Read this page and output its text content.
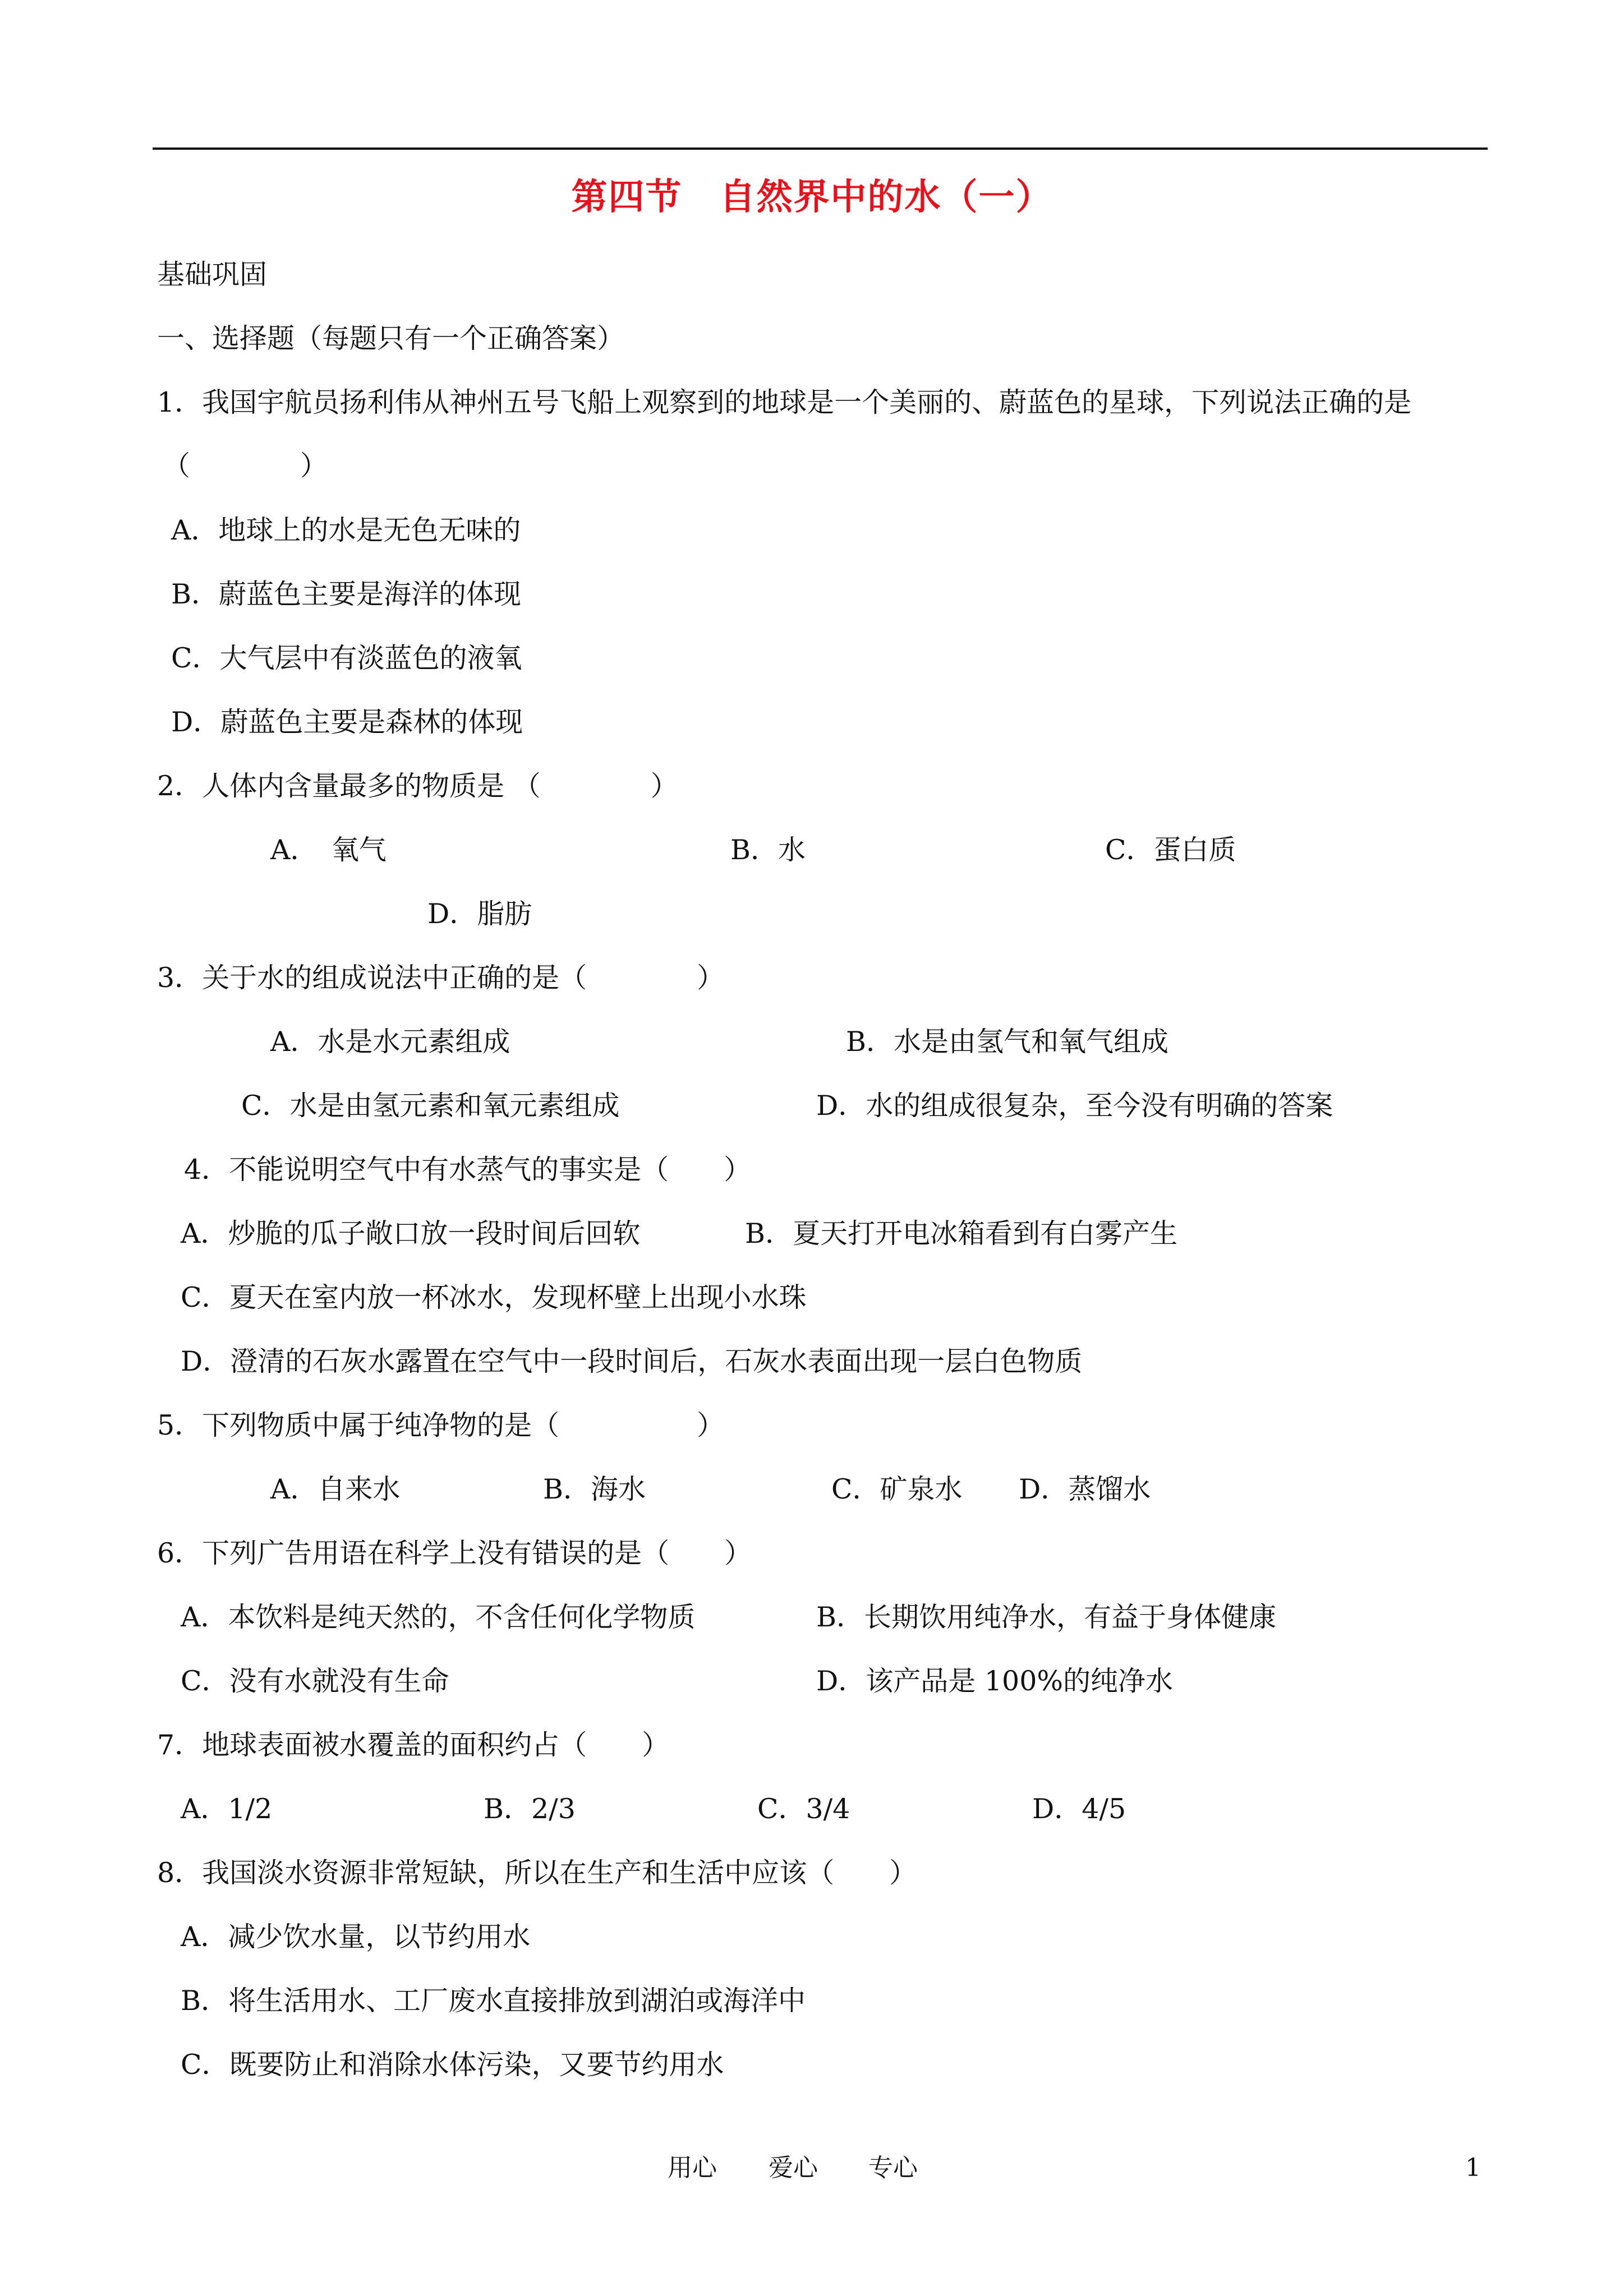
第四节　自然界中的水（一）
基础巩固
一、选择题（每题只有一个正确答案）
1．我国宇航员扬利伟从神州五号飞船上观察到的地球是一个美丽的、蔚蓝色的星球，下列说法正确的是
（　　　　）
A．地球上的水是无色无味的
B．蔚蓝色主要是海洋的体现
C．大气层中有淡蓝色的液氧
D．蔚蓝色主要是森林的体现
2．人体内含量最多的物质是 （　　　　）
A．　氧气	B．水	C．蛋白质
D．脂肪
3．关于水的组成说法中正确的是（　　　　）
A．水是水元素组成	B．水是由氢气和氧气组成
C．水是由氢元素和氧元素组成	D．水的组成很复杂，至今没有明确的答案
4．不能说明空气中有水蒸气的事实是（　　）
A．炒脆的瓜子敞口放一段时间后回软	B．夏天打开电冰箱看到有白雾产生
C．夏天在室内放一杯冰水，发现杯壁上出现小水珠
D．澄清的石灰水露置在空气中一段时间后，石灰水表面出现一层白色物质
5．下列物质中属于纯净物的是（　　　　　）
A．自来水	B．海水	C．矿泉水 D．蒸馏水
6．下列广告用语在科学上没有错误的是（　　）
A．本饮料是纯天然的，不含任何化学物质	B．长期饮用纯净水，有益于身体健康
C．没有水就没有生命	D．该产品是 100%的纯净水
7．地球表面被水覆盖的面积约占（　　）
A．1/2	B．2/3	C．3/4	D．4/5
8．我国淡水资源非常短缺，所以在生产和生活中应该（　　）
A．减少饮水量，以节约用水
B．将生活用水、工厂废水直接排放到湖泊或海洋中
C．既要防止和消除水体污染，又要节约用水
用心 爱心 专心	1
